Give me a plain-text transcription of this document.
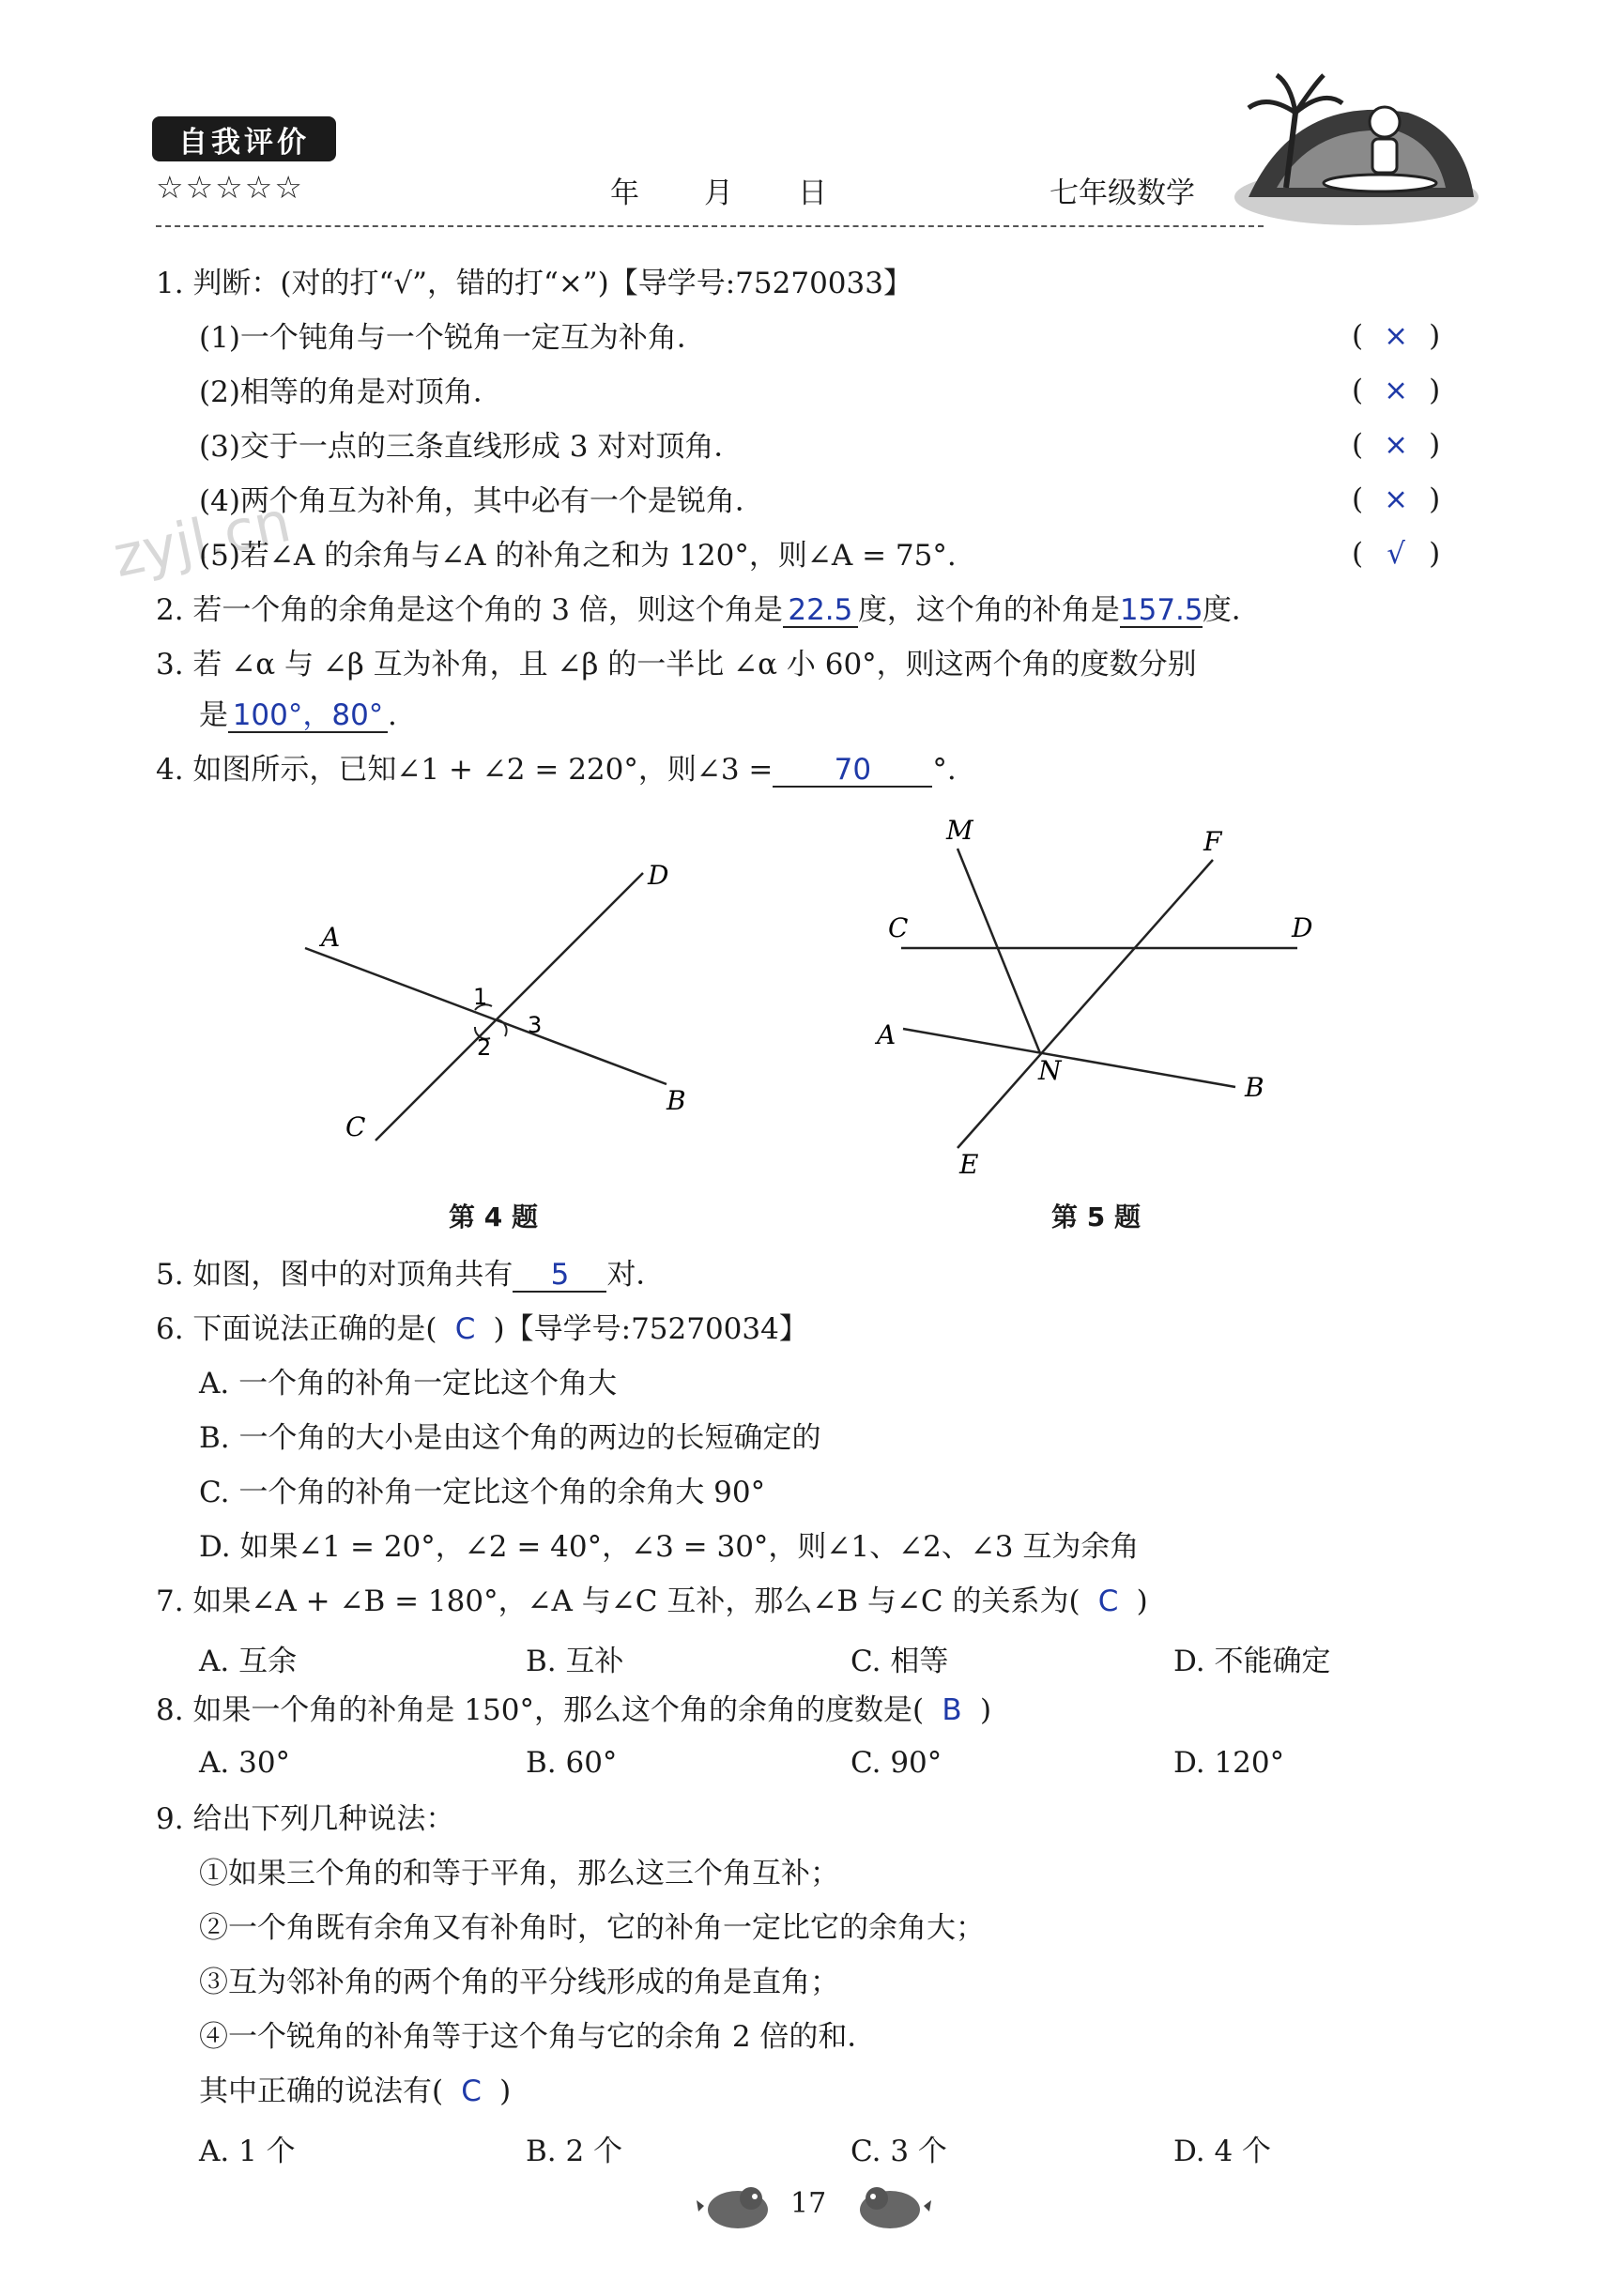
自我评价
☆☆☆☆☆	年 月 日	七年级数学
zyjl.cn
1. 判断：(对的打“√”，错的打“×”)【导学号:75270033】
(1)一个钝角与一个锐角一定互为补角．	( × )
(2)相等的角是对顶角．	( × )
(3)交于一点的三条直线形成 3 对对顶角．	( × )
(4)两个角互为补角，其中必有一个是锐角．	( × )
(5)若∠A 的余角与∠A 的补角之和为 120°，则∠A = 75°.	( √ )
2. 若一个角的余角是这个角的 3 倍，则这个角是 22.5 度，这个角的补角是157.5度．
3. 若 ∠α 与 ∠β 互为补角，且 ∠β 的一半比 ∠α 小 60°，则这两个角的度数分别
是 100°，80° .
4. 如图所示，已知∠1 + ∠2 = 220°，则∠3 = 70 °.
A
B
C
D
1
2
3
第 4 题
M	F
C	D
A
B
N
E
第 5 题
5. 如图，图中的对顶角共有 5 对．
6. 下面说法正确的是( C )【导学号:75270034】
A. 一个角的补角一定比这个角大
B. 一个角的大小是由这个角的两边的长短确定的
C. 一个角的补角一定比这个角的余角大 90°
D. 如果∠1 = 20°，∠2 = 40°，∠3 = 30°，则∠1、∠2、∠3 互为余角
7. 如果∠A + ∠B = 180°，∠A 与∠C 互补，那么∠B 与∠C 的关系为( C )
A. 互余	B. 互补	C. 相等	D. 不能确定
8. 如果一个角的补角是 150°，那么这个角的余角的度数是( B )
A. 30°	B. 60°	C. 90°	D. 120°
9. 给出下列几种说法：
①如果三个角的和等于平角，那么这三个角互补；
②一个角既有余角又有补角时，它的补角一定比它的余角大；
③互为邻补角的两个角的平分线形成的角是直角；
④一个锐角的补角等于这个角与它的余角 2 倍的和．
其中正确的说法有( C )
A. 1 个	B. 2 个	C. 3 个	D. 4 个
17
